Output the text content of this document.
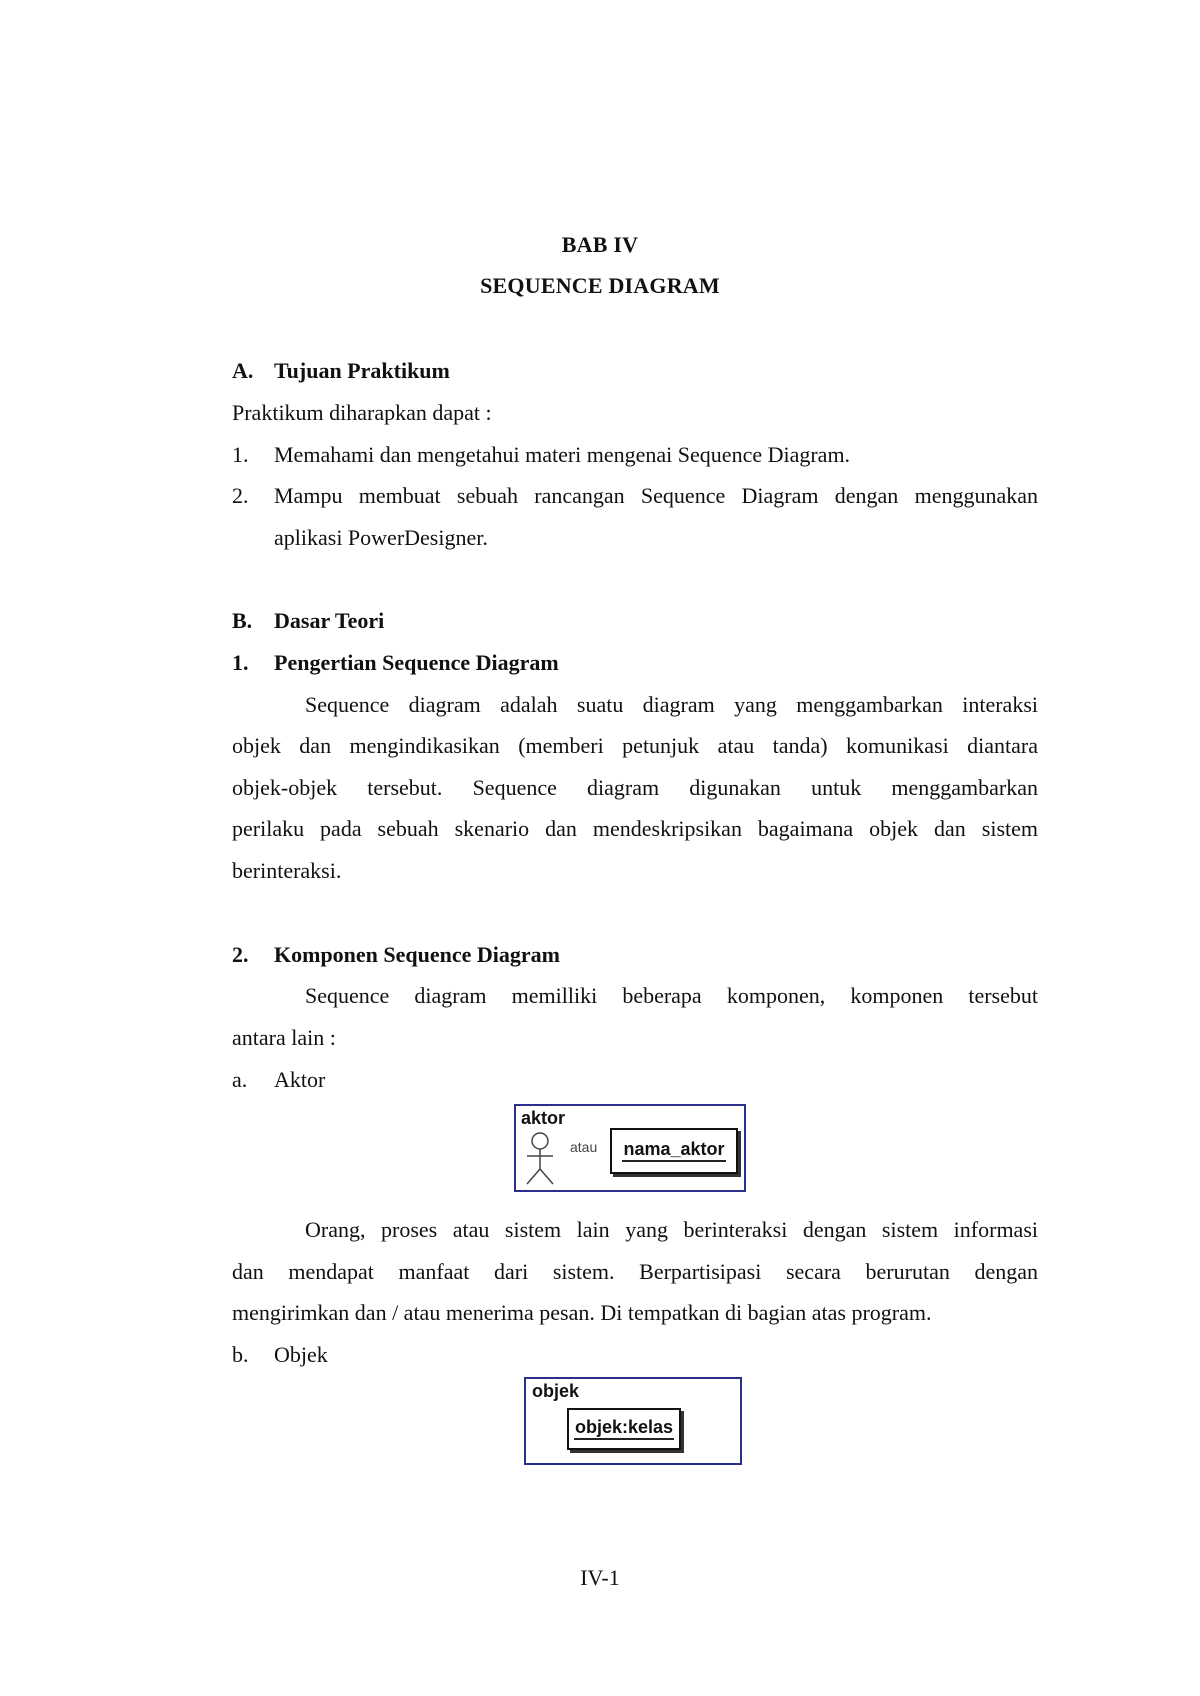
BAB IV
SEQUENCE DIAGRAM
A. Tujuan Praktikum
Praktikum diharapkan dapat :
1. Memahami dan mengetahui materi mengenai Sequence Diagram.
2. Mampu membuat sebuah rancangan Sequence Diagram dengan menggunakan
aplikasi PowerDesigner.
B. Dasar Teori
1. Pengertian Sequence Diagram
Sequence diagram adalah suatu diagram yang menggambarkan interaksi
objek dan mengindikasikan (memberi petunjuk atau tanda) komunikasi diantara
objek-objek tersebut. Sequence diagram digunakan untuk menggambarkan
perilaku pada sebuah skenario dan mendeskripsikan bagaimana objek dan sistem
berinteraksi.
2. Komponen Sequence Diagram
Sequence diagram memilliki beberapa komponen, komponen tersebut
antara lain :
a. Aktor
aktor
atau	nama_aktor
Orang, proses atau sistem lain yang berinteraksi dengan sistem informasi
dan mendapat manfaat dari sistem. Berpartisipasi secara berurutan dengan
mengirimkan dan / atau menerima pesan. Di tempatkan di bagian atas program.
b. Objek
objek
objek:kelas
IV-1
